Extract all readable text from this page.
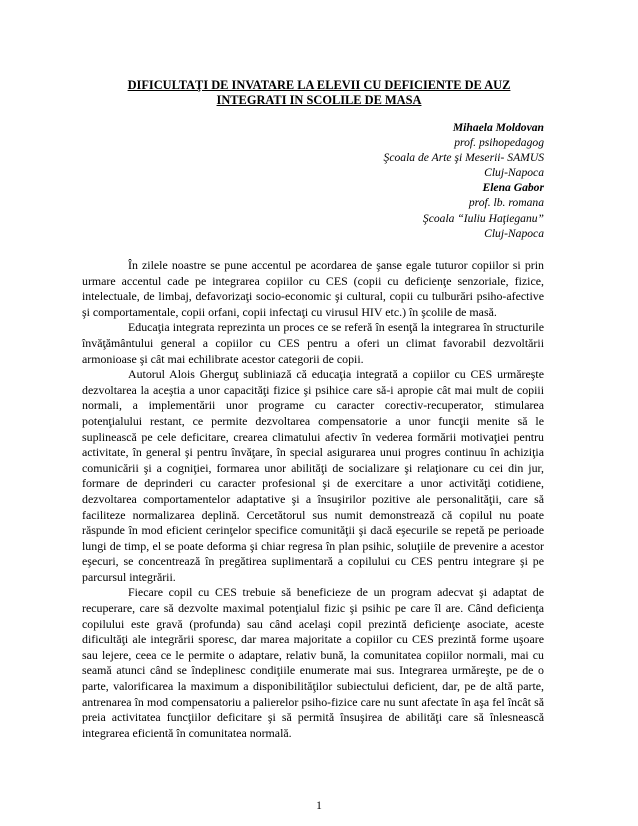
DIFICULTAŢI DE INVATARE LA ELEVII CU DEFICIENTE DE AUZ
INTEGRATI IN SCOLILE DE MASA
Mihaela Moldovan
prof. psihopedagog
Şcoala de Arte şi Meserii- SAMUS
Cluj-Napoca
Elena Gabor
prof. lb. romana
Şcoala “Iuliu Haţieganu”
Cluj-Napoca

În zilele noastre se pune accentul pe acordarea de şanse egale tuturor copiilor si prin urmare accentul cade pe integrarea copiilor cu CES (copii cu deficienţe senzoriale, fizice, intelectuale, de limbaj, defavorizaţi socio-economic şi cultural, copii cu tulburări psiho-afective şi comportamentale, copii orfani, copii infectaţi cu virusul HIV etc.) în şcolile de masă.

Educaţia integrata reprezinta un proces ce se referă în esenţă la integrarea în structurile învăţământului general a copiilor cu CES pentru a oferi un climat favorabil dezvoltării armonioase şi cât mai echilibrate acestor categorii de copii.

Autorul Alois Gherguţ subliniază că educaţia integrată a copiilor cu CES urmăreşte dezvoltarea la aceştia a unor capacităţi fizice şi psihice care să-i apropie cât mai mult de copiii normali, a implementării unor programe cu caracter corectiv-recuperator, stimularea potenţialului restant, ce permite dezvoltarea compensatorie a unor funcţii menite să le suplinească pe cele deficitare, crearea climatului afectiv în vederea formării motivaţiei pentru activitate, în general şi pentru învăţare, în special asigurarea unui progres continuu în achiziţia comunicării şi a cogniţiei, formarea unor abilităţi de socializare şi relaţionare cu cei din jur, formare de deprinderi cu caracter profesional şi de exercitare a unor activităţi cotidiene, dezvoltarea comportamentelor adaptative şi a însuşirilor pozitive ale personalităţii, care să faciliteze normalizarea deplină. Cercetătorul sus numit demonstrează că copilul nu poate răspunde în mod eficient cerinţelor specifice comunităţii şi dacă eşecurile se repetă pe perioade lungi de timp, el se poate deforma şi chiar regresa în plan psihic, soluţiile de prevenire a acestor eşecuri, se concentrează în pregătirea suplimentară a copilului cu CES pentru integrare şi pe parcursul integrării.

Fiecare copil cu CES trebuie să beneficieze de un program adecvat şi adaptat de recuperare, care să dezvolte maximal potenţialul fizic şi psihic pe care îl are. Când deficienţa copilului este gravă (profunda) sau când acelaşi copil prezintă deficienţe asociate, aceste dificultăţi ale integrării sporesc, dar marea majoritate a copiilor cu CES prezintă forme uşoare sau lejere, ceea ce le permite o adaptare, relativ bună, la comunitatea copiilor normali, mai cu seamă atunci când se îndeplinesc condiţiile enumerate mai sus. Integrarea urmăreşte, pe de o parte, valorificarea la maximum a disponibilităţilor subiectului deficient, dar, pe de altă parte, antrenarea în mod compensatoriu a palierelor psiho-fizice care nu sunt afectate în aşa fel încât să preia activitatea funcţiilor deficitare şi să permită însuşirea de abilităţi care să înlesnească integrarea eficientă în comunitatea normală.

1
